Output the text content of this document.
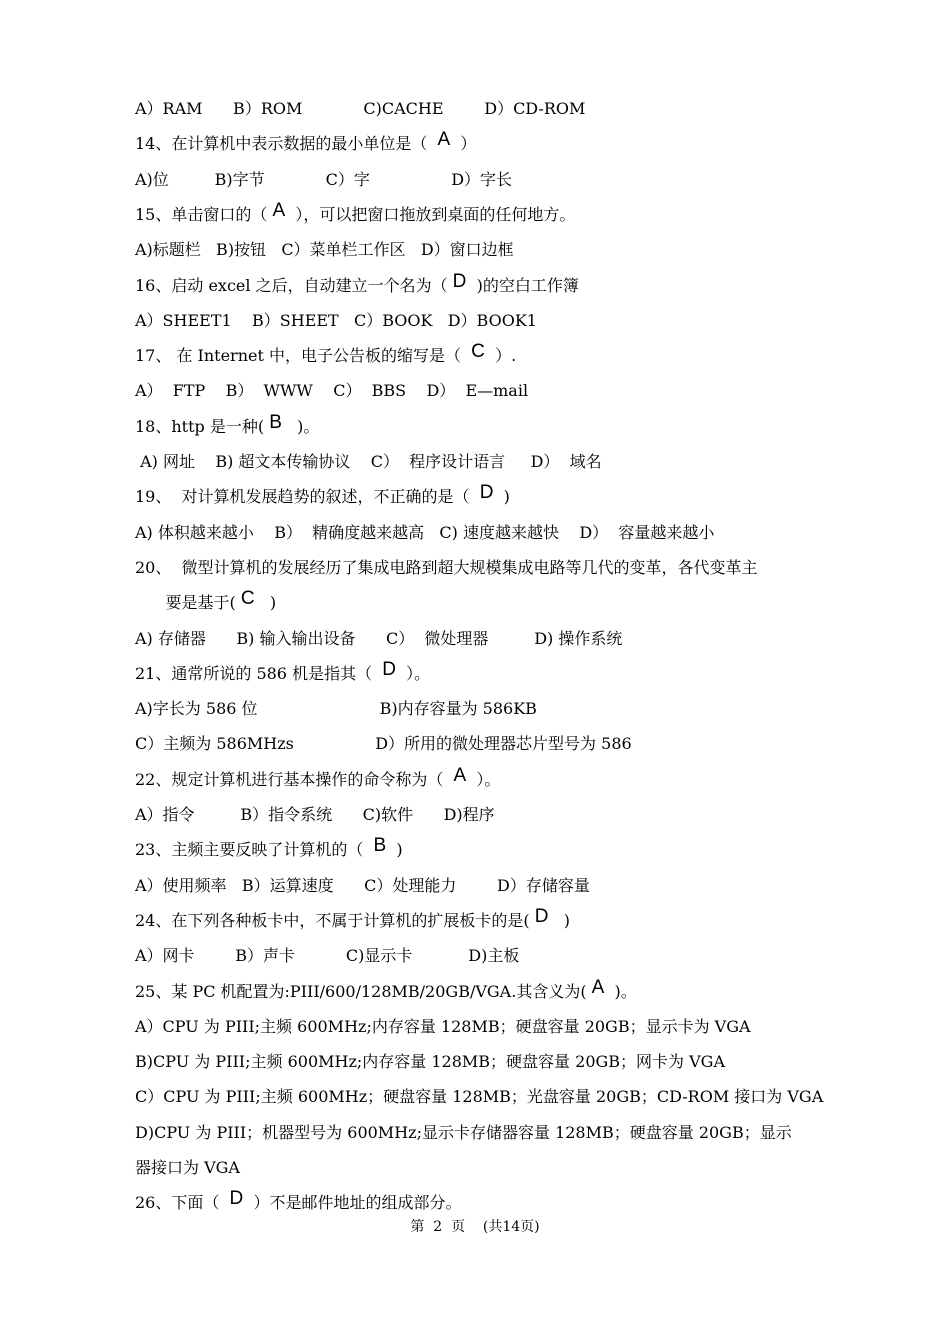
A）RAM      B）ROM            C)CACHE        D）CD-ROM
14、在计算机中表示数据的最小单位是（  A  ）
A)位         B)字节            C）字                D）字长
15、单击窗口的（ A  ），可以把窗口拖放到桌面的任何地方。
A)标题栏   B)按钮   C）菜单栏工作区   D）窗口边框
16、启动 excel 之后，自动建立一个名为（ D  )的空白工作簿
A）SHEET1    B）SHEET   C）BOOK   D）BOOK1
17、 在 Internet 中，电子公告板的缩写是（  C  ）.
A）  FTP    B）  WWW    C）  BBS    D）  E—mail
18、http 是一种( B   )。
A) 网址    B) 超文本传输协议    C）  程序设计语言     D）  域名
19、  对计算机发展趋势的叙述，不正确的是（  D  )
A) 体积越来越小    B）  精确度越来越高   C) 速度越来越快    D）  容量越来越小
20、  微型计算机的发展经历了集成电路到超大规模集成电路等几代的变革，各代变革主
要是基于( C   )
A) 存储器      B) 输入输出设备      C）  微处理器         D) 操作系统
21、通常所说的 586 机是指其（  D  ）。
A)字长为 586 位                        B)内存容量为 586KB
C）主频为 586MHzs                D）所用的微处理器芯片型号为 586
22、规定计算机进行基本操作的命令称为（  A  ）。
A）指令         B）指令系统      C)软件      D)程序
23、主频主要反映了计算机的（  B  )
A）使用频率   B）运算速度      C）处理能力        D）存储容量
24、在下列各种板卡中，不属于计算机的扩展板卡的是( D   )
A）网卡        B）声卡          C)显示卡           D)主板
25、某 PC 机配置为:PIII/600/128MB/20GB/VGA.其含义为( A  )。
A）CPU 为 PIII;主频 600MHz;内存容量 128MB；硬盘容量 20GB；显示卡为 VGA
B)CPU 为 PIII;主频 600MHz;内存容量 128MB；硬盘容量 20GB；网卡为 VGA
C）CPU 为 PIII;主频 600MHz；硬盘容量 128MB；光盘容量 20GB；CD-ROM 接口为 VGA
D)CPU 为 PIII；机器型号为 600MHz;显示卡存储器容量 128MB；硬盘容量 20GB；显示
器接口为 VGA
26、下面（  D  ）不是邮件地址的组成部分。
第  2  页    (共14页)
